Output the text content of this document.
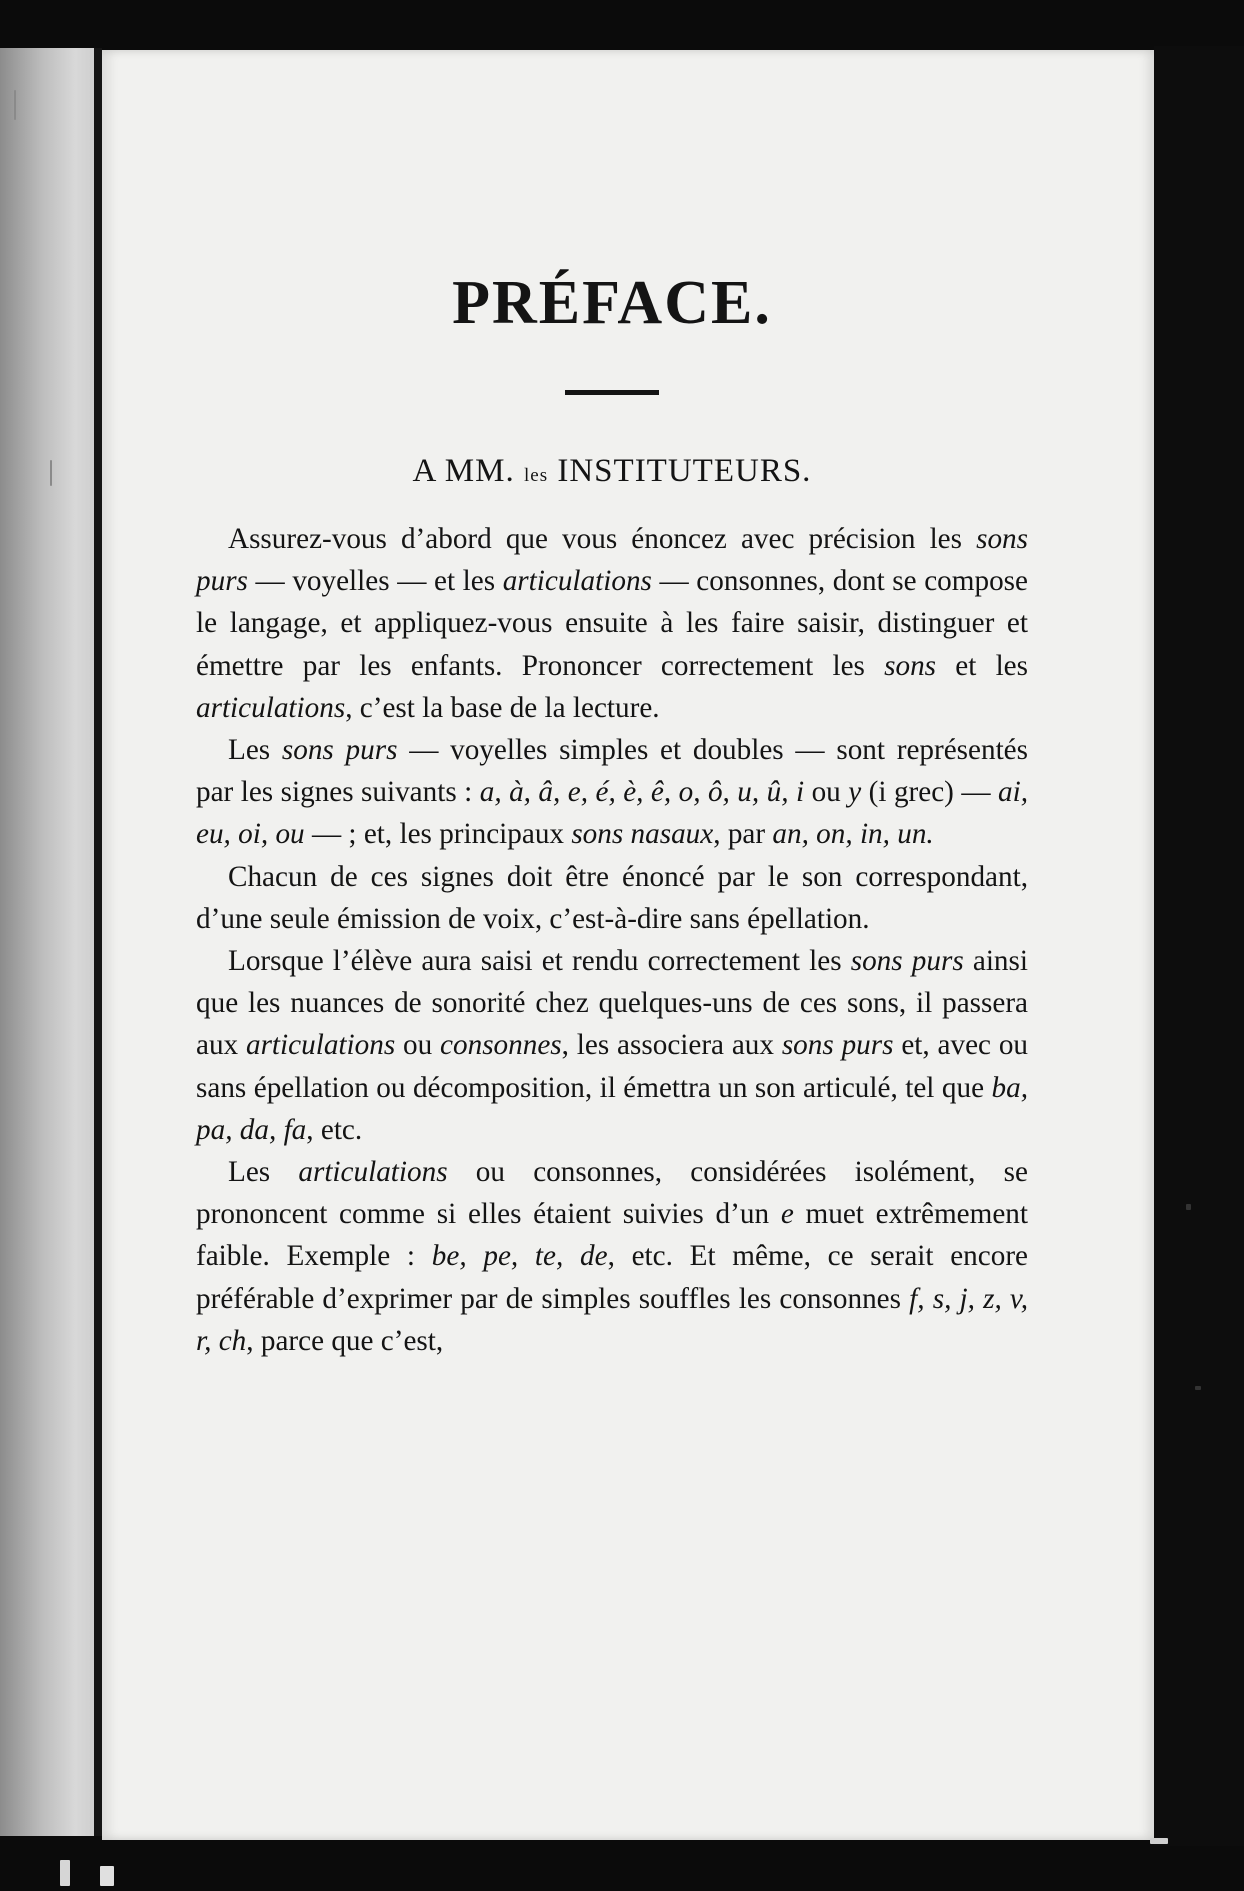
PRÉFACE.

A MM. les INSTITUTEURS.

Assurez-vous d’abord que vous énoncez avec précision les sons purs — voyelles — et les articulations — consonnes, dont se compose le langage, et appliquez-vous ensuite à les faire saisir, distinguer et émettre par les enfants. Prononcer correctement les sons et les articulations, c’est la base de la lecture.

Les sons purs — voyelles simples et doubles — sont représentés par les signes suivants : a, à, â, e, é, è, ê, o, ô, u, û, i ou y (i grec) — ai, eu, oi, ou — ; et, les principaux sons nasaux, par an, on, in, un.

Chacun de ces signes doit être énoncé par le son correspondant, d’une seule émission de voix, c’est-à-dire sans épellation.

Lorsque l’élève aura saisi et rendu correctement les sons purs ainsi que les nuances de sonorité chez quelques-uns de ces sons, il passera aux articulations ou consonnes, les associera aux sons purs et, avec ou sans épellation ou décomposition, il émettra un son articulé, tel que ba, pa, da, fa, etc.

Les articulations ou consonnes, considérées isolément, se prononcent comme si elles étaient suivies d’un e muet extrêmement faible. Exemple : be, pe, te, de, etc. Et même, ce serait encore préférable d’exprimer par de simples souffles les consonnes f, s, j, z, v, r, ch, parce que c’est,
